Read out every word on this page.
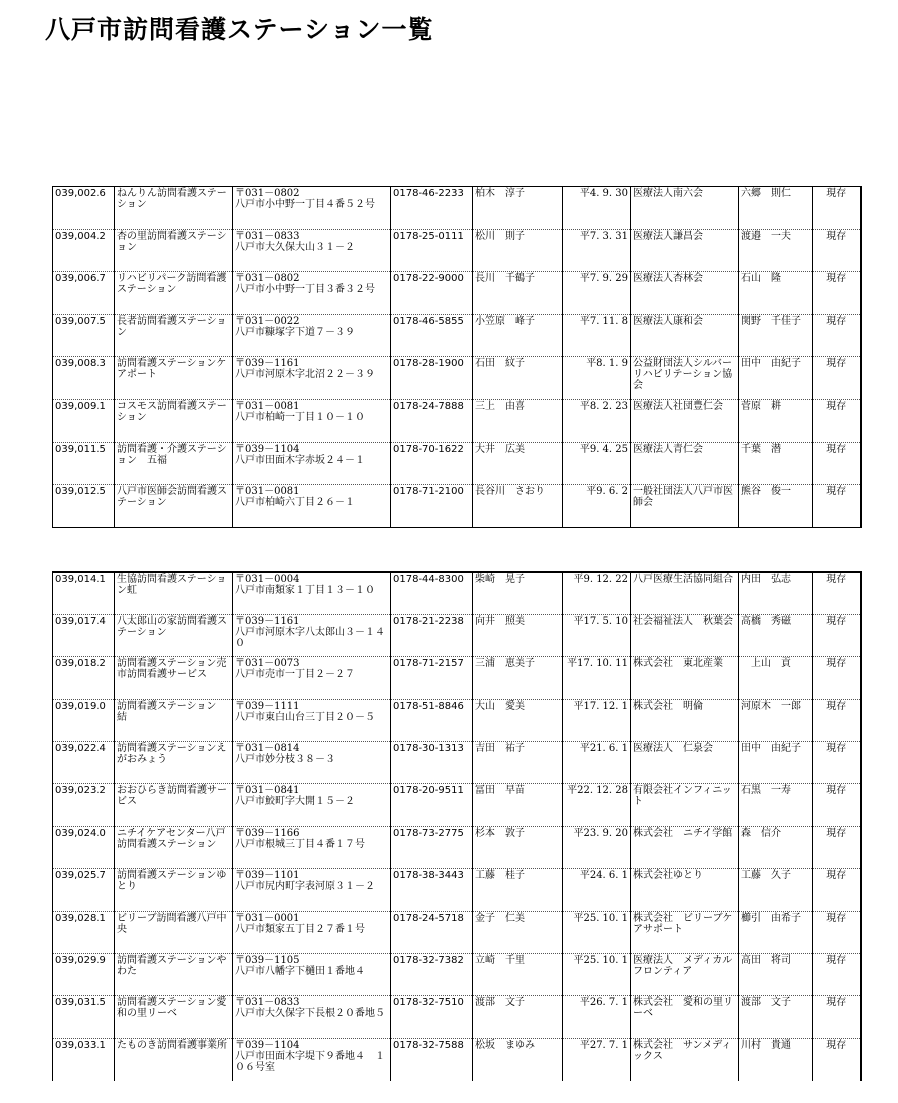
八戸市訪問看護ステーション一覧
039,002.6	ねんりん訪問看護ステーション	〒031－0802
八戸市小中野一丁目４番５２号	0178-46-2233	柏木　淳子	平4. 9. 30	医療法人南六会	六郷　則仁	現存
039,004.2	杏の里訪問看護ステーション	〒031－0833
八戸市大久保大山３１－２	0178-25-0111	松川　則子	平7. 3. 31	医療法人謙昌会	渡邉　一夫	現存
039,006.7	リハビリパーク訪問看護ステーション	〒031－0802
八戸市小中野一丁目３番３２号	0178-22-9000	長川　千鶴子	平7. 9. 29	医療法人杏林会	石山　隆	現存
039,007.5	長者訪問看護ステーション	〒031－0022
八戸市糠塚字下道７－３９	0178-46-5855	小笠原　峰子	平7. 11. 8	医療法人康和会	関野　千佳子	現存
039,008.3	訪問看護ステーションケアポート	〒039－1161
八戸市河原木字北沼２２－３９	0178-28-1900	石田　紋子	平8. 1. 9	公益財団法人シルバーリハビリテーション協会	田中　由紀子	現存
039,009.1	コスモス訪問看護ステーション	〒031－0081
八戸市柏崎一丁目１０－１０	0178-24-7888	三上　由喜	平8. 2. 23	医療法人社団豊仁会	菅原　耕	現存
039,011.5	訪問看護・介護ステーション　五福	〒039－1104
八戸市田面木字赤坂２４－１	0178-70-1622	大井　広美	平9. 4. 25	医療法人青仁会	千葉　潜	現存
039,012.5	八戸市医師会訪問看護ステーション	〒031－0081
八戸市柏崎六丁目２６－１	0178-71-2100	長谷川　さおり	平9. 6. 2	一般社団法人八戸市医師会	熊谷　俊一	現存
039,014.1	生協訪問看護ステーション虹	〒031－0004
八戸市南類家１丁目１３－１０	0178-44-8300	柴崎　晃子	平9. 12. 22	八戸医療生活協同組合	内田　弘志	現存
039,017.4	八太郎山の家訪問看護ステーション	〒039－1161
八戸市河原木字八太郎山３－１４０	0178-21-2238	向井　照美	平17. 5. 10	社会福祉法人　秋葉会	高橋　秀磁	現存
039,018.2	訪問看護ステーション売市訪問看護サービス	〒031－0073
八戸市売市一丁目２－２７	0178-71-2157	三浦　恵美子	平17. 10. 11	株式会社　東北産業	　上山　貢	現存
039,019.0	訪問看護ステーション　結	〒039－1111
八戸市東白山台三丁目２０－５	0178-51-8846	大山　愛美	平17. 12. 1	株式会社　明倫	河原木　一郎	現存
039,022.4	訪問看護ステーションえがおみょう	〒031－0814
八戸市妙分枝３８－３	0178-30-1313	吉田　祐子	平21. 6. 1	医療法人　仁泉会	田中　由紀子	現存
039,023.2	おおひらき訪問看護サービス	〒031－0841
八戸市鮫町字大開１５－２	0178-20-9511	冨田　早苗	平22. 12. 28	有限会社インフィニット	石黒　一寿	現存
039,024.0	ニチイケアセンター八戸　訪問看護ステーション	〒039－1166
八戸市根城三丁目４番１７号	0178-73-2775	杉本　敦子	平23. 9. 20	株式会社　ニチイ学館	森　信介	現存
039,025.7	訪問看護ステーションゆとり	〒039－1101
八戸市尻内町字表河原３１－２	0178-38-3443	工藤　桂子	平24. 6. 1	株式会社ゆとり	工藤　久子	現存
039,028.1	ビリーブ訪問看護八戸中央	〒031－0001
八戸市類家五丁目２７番１号	0178-24-5718	金子　仁美	平25. 10. 1	株式会社　ビリーブケアサポート	櫛引　由希子	現存
039,029.9	訪問看護ステーションやわた	〒039－1105
八戸市八幡字下樋田１番地４	0178-32-7382	立崎　千里	平25. 10. 1	医療法人　メディカルフロンティア	高田　将司	現存
039,031.5	訪問看護ステーション愛和の里リーベ	〒031－0833
八戸市大久保字下長根２０番地５	0178-32-7510	渡部　文子	平26. 7. 1	株式会社　愛和の里リーベ	渡部　文子	現存
039,033.1	たものき訪問看護事業所	〒039－1104
八戸市田面木字堤下９番地４　１０６号室	0178-32-7588	松坂　まゆみ	平27. 7. 1	株式会社　サンメディックス	川村　貴通	現存
